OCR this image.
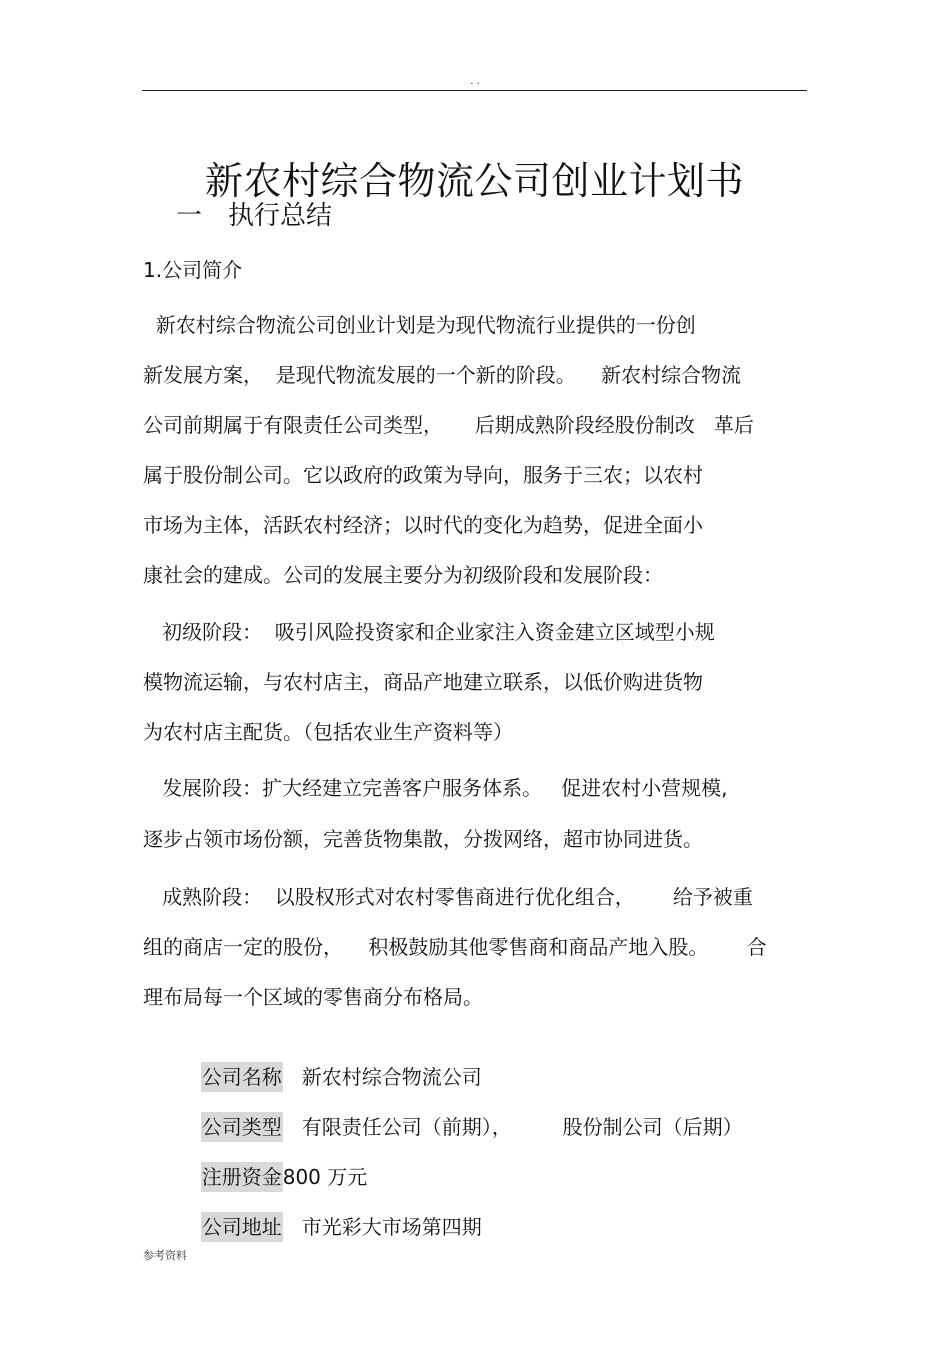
. .
新农村综合物流公司创业计划书
一 执行总结
1.公司简介
新农村综合物流公司创业计划是为现代物流行业提供的一份创
新发展方案，  是现代物流发展的一个新的阶段。    新农村综合物流
公司前期属于有限责任公司类型，     后期成熟阶段经股份制改   革后
属于股份制公司。它以政府的政策为导向，服务于三农；以农村
市场为主体，活跃农村经济；以时代的变化为趋势，促进全面小
康社会的建成。公司的发展主要分为初级阶段和发展阶段：
初级阶段：  吸引风险投资家和企业家注入资金建立区域型小规
模物流运输，与农村店主，商品产地建立联系，以低价购进货物
为农村店主配货。（包括农业生产资料等）
发展阶段：扩大经建立完善客户服务体系。   促进农村小营规模,
逐步占领市场份额，完善货物集散，分拨网络，超市协同进货。
成熟阶段：  以股权形式对农村零售商进行优化组合，      给予被重
组的商店一定的股份，    积极鼓励其他零售商和商品产地入股。      合
理布局每一个区域的零售商分布格局。

公司名称   新农村综合物流公司

公司类型   有限责任公司（前期），        股份制公司（后期）

注册资金800 万元

公司地址   市光彩大市场第四期

参考资料
